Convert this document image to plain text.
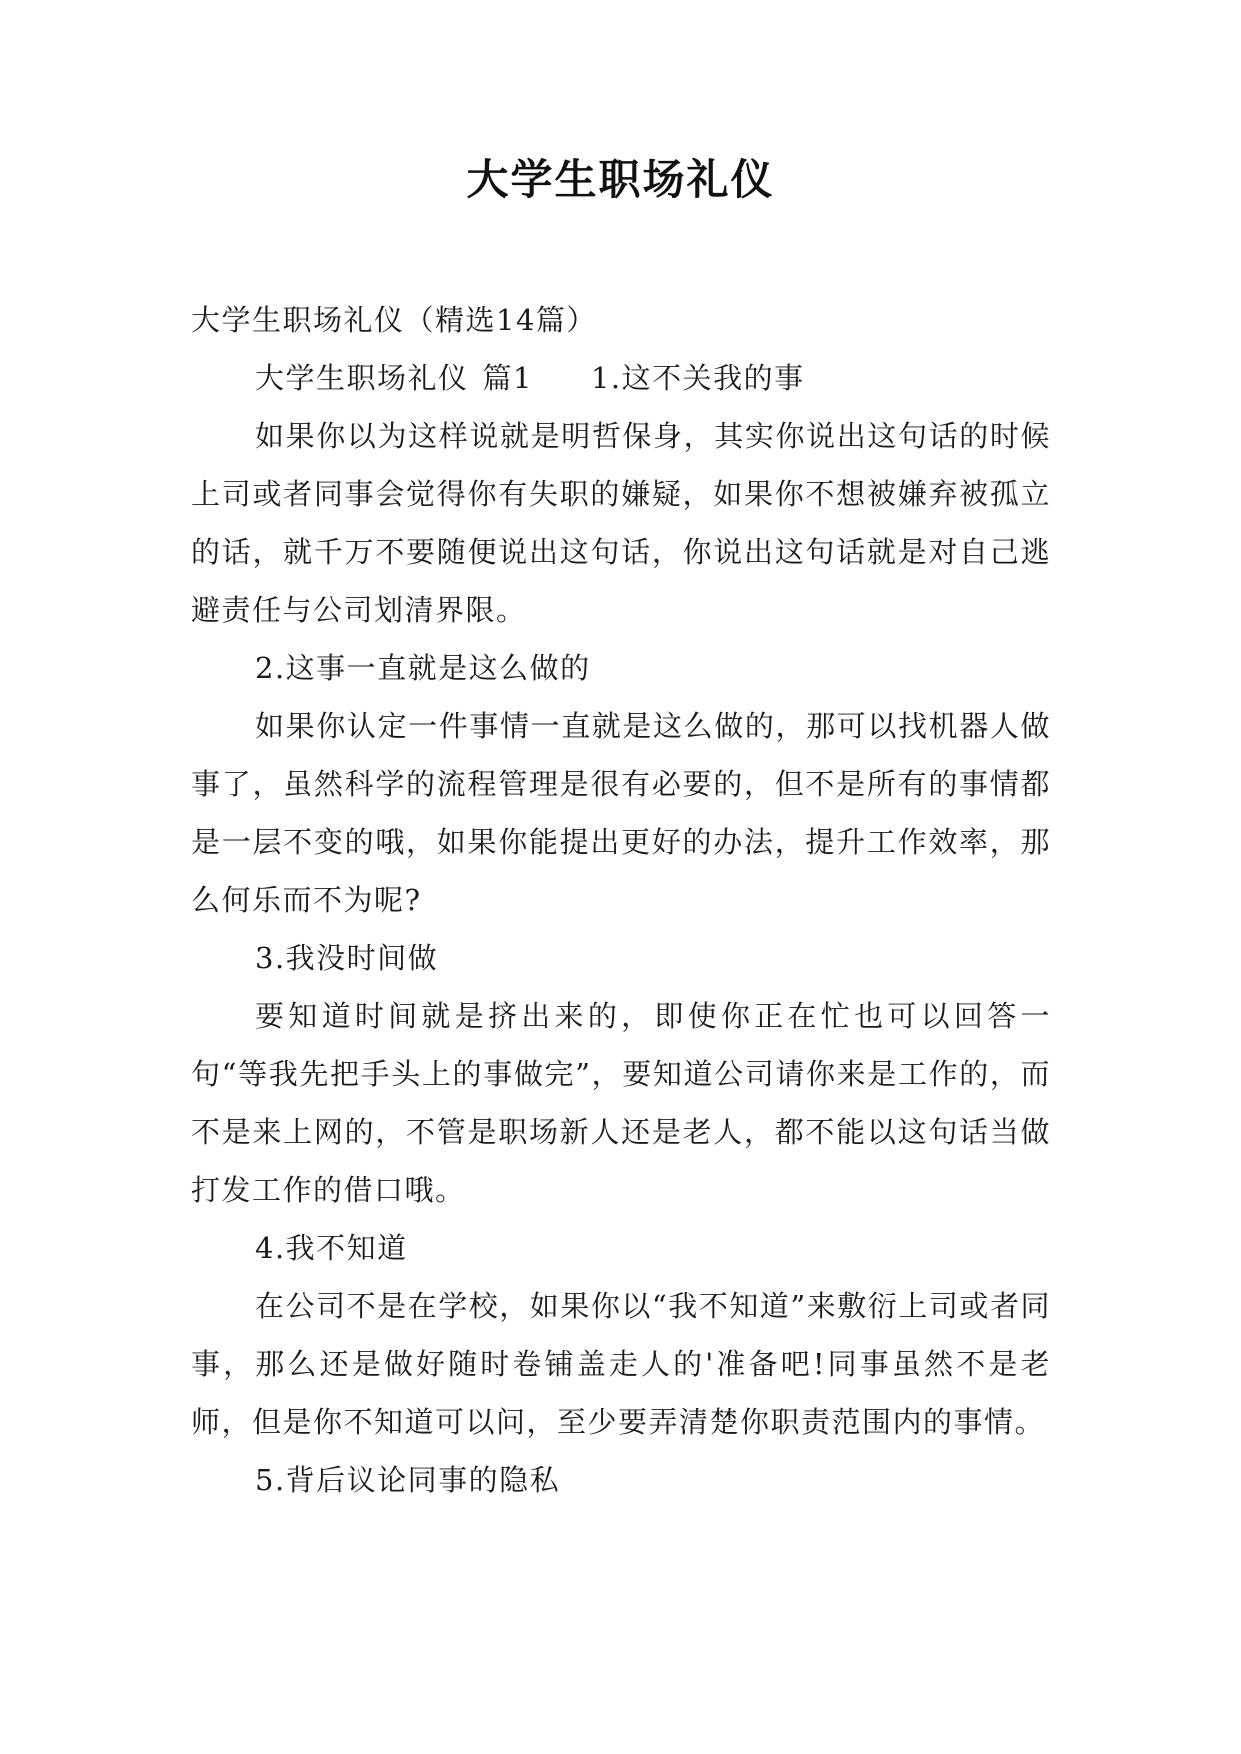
大学生职场礼仪

大学生职场礼仪（精选14篇）

大学生职场礼仪 篇1 1.这不关我的事

如果你以为这样说就是明哲保身，其实你说出这句话的时候上司或者同事会觉得你有失职的嫌疑，如果你不想被嫌弃被孤立的话，就千万不要随便说出这句话，你说出这句话就是对自己逃避责任与公司划清界限。

2.这事一直就是这么做的

如果你认定一件事情一直就是这么做的，那可以找机器人做事了，虽然科学的流程管理是很有必要的，但不是所有的事情都是一层不变的哦，如果你能提出更好的办法，提升工作效率，那么何乐而不为呢?

3.我没时间做

要知道时间就是挤出来的，即使你正在忙也可以回答一句“等我先把手头上的事做完”，要知道公司请你来是工作的，而不是来上网的，不管是职场新人还是老人，都不能以这句话当做打发工作的借口哦。

4.我不知道

在公司不是在学校，如果你以“我不知道”来敷衍上司或者同事，那么还是做好随时卷铺盖走人的'准备吧!同事虽然不是老师，但是你不知道可以问，至少要弄清楚你职责范围内的事情。

5.背后议论同事的隐私
